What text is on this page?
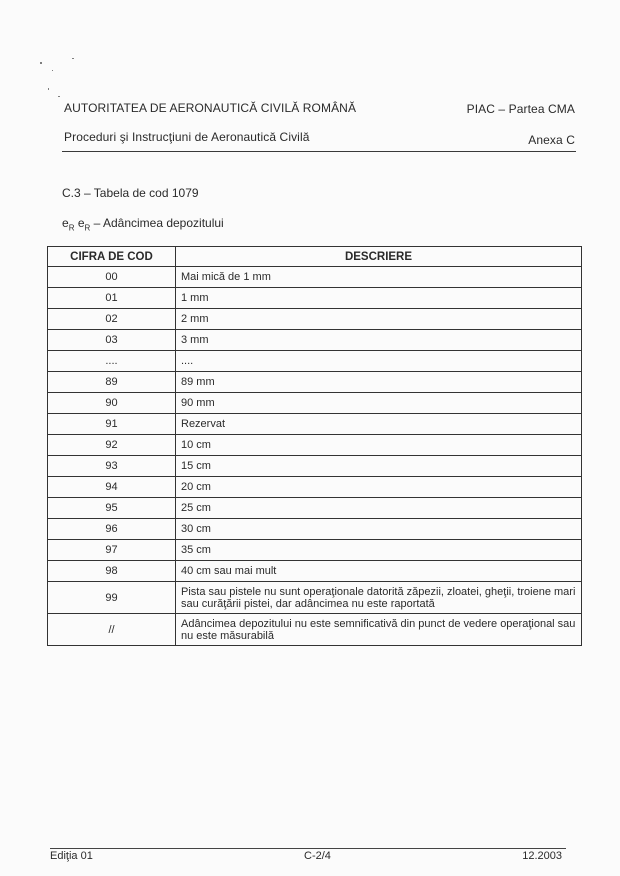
AUTORITATEA DE AERONAUTICĂ CIVILĂ ROMÂNĂ	PIAC – Partea CMA
Proceduri şi Instrucţiuni de Aeronautică Civilă	Anexa C
C.3 – Tabela de cod 1079
$e_R$ $e_R$ – Adâncimea depozitului
CIFRA DE COD	DESCRIERE
00	Mai mică de 1 mm
01	1 mm
02	2 mm
03	3 mm
....	....
89	89 mm
90	90 mm
91	Rezervat
92	10 cm
93	15 cm
94	20 cm
95	25 cm
96	30 cm
97	35 cm
98	40 cm sau mai mult
99	Pista sau pistele nu sunt operaţionale datorită zăpezii, zloatei, gheţii, troiene mari sau curăţării pistei, dar adâncimea nu este raportată
//	Adâncimea depozitului nu este semnificativă din punct de vedere operaţional sau nu este măsurabilă
Ediţia 01	C-2/4	12.2003
